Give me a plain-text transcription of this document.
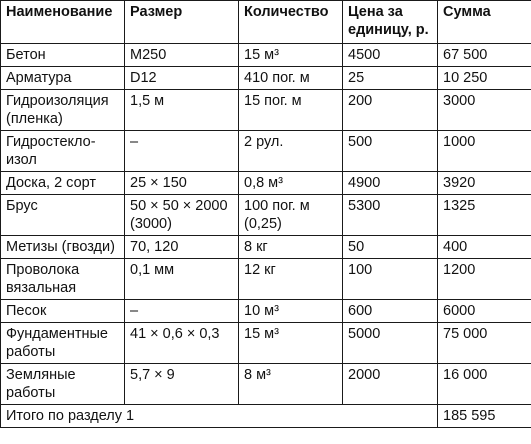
Наименование	Размер	Количество	Цена за единицу, р.	Сумма
Бетон	М250	15 м³	4500	67 500
Арматура	D12	410 пог. м	25	10 250
Гидроизоляция (пленка)	1,5 м	15 пог. м	200	3000
Гидростекло-изол	–	2 рул.	500	1000
Доска, 2 сорт	25 × 150	0,8 м³	4900	3920
Брус	50 × 50 × 2000 (3000)	100 пог. м (0,25)	5300	1325
Метизы (гвозди)	70, 120	8 кг	50	400
Проволока вязальная	0,1 мм	12 кг	100	1200
Песок	–	10 м³	600	6000
Фундаментные работы	41 × 0,6 × 0,3	15 м³	5000	75 000
Земляные работы	5,7 × 9	8 м³	2000	16 000
Итого по разделу 1				185 595
